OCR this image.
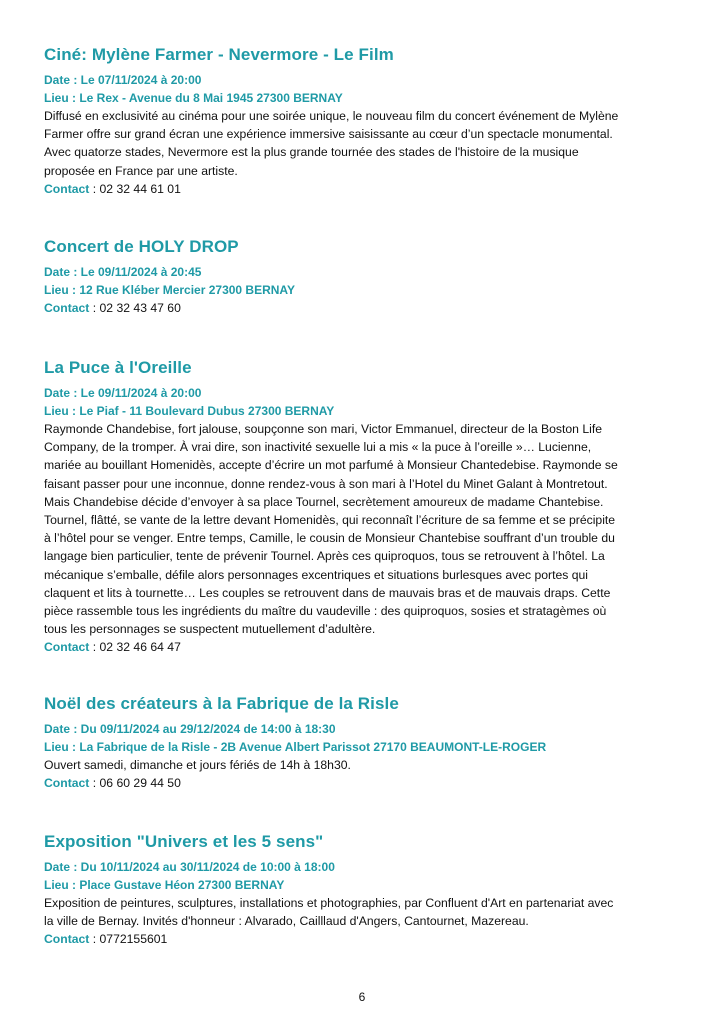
Ciné: Mylène Farmer - Nevermore - Le Film

Date : Le 07/11/2024 à 20:00

Lieu : Le Rex - Avenue du 8 Mai 1945 27300 BERNAY

Diffusé en exclusivité au cinéma pour une soirée unique, le nouveau film du concert événement de Mylène

Farmer offre sur grand écran une expérience immersive saisissante au cœur d’un spectacle monumental.

Avec quatorze stades, Nevermore est la plus grande tournée des stades de l'histoire de la musique

proposée en France par une artiste.

Contact : 02 32 44 61 01

Concert de HOLY DROP

Date : Le 09/11/2024 à 20:45

Lieu : 12 Rue Kléber Mercier 27300 BERNAY

Contact : 02 32 43 47 60

La Puce à l'Oreille

Date : Le 09/11/2024 à 20:00

Lieu : Le Piaf - 11 Boulevard Dubus 27300 BERNAY

Raymonde Chandebise, fort jalouse, soupçonne son mari, Victor Emmanuel, directeur de la Boston Life

Company, de la tromper. À vrai dire, son inactivité sexuelle lui a mis « la puce à l’oreille »… Lucienne,

mariée au bouillant Homenidès, accepte d’écrire un mot parfumé à Monsieur Chantedebise. Raymonde se

faisant passer pour une inconnue, donne rendez-vous à son mari à l’Hotel du Minet Galant à Montretout.

Mais Chandebise décide d’envoyer à sa place Tournel, secrètement amoureux de madame Chantebise.

Tournel, flâtté, se vante de la lettre devant Homenidès, qui reconnaît l’écriture de sa femme et se précipite

à l’hôtel pour se venger. Entre temps, Camille, le cousin de Monsieur Chantebise souffrant d’un trouble du

langage bien particulier, tente de prévenir Tournel. Après ces quiproquos, tous se retrouvent à l’hôtel. La

mécanique s’emballe, défile alors personnages excentriques et situations burlesques avec portes qui

claquent et lits à tournette… Les couples se retrouvent dans de mauvais bras et de mauvais draps. Cette

pièce rassemble tous les ingrédients du maître du vaudeville : des quiproquos, sosies et stratagèmes où

tous les personnages se suspectent mutuellement d’adultère.

Contact : 02 32 46 64 47

Noël des créateurs à la Fabrique de la Risle

Date : Du 09/11/2024 au 29/12/2024 de 14:00 à 18:30

Lieu : La Fabrique de la Risle - 2B Avenue Albert Parissot 27170 BEAUMONT-LE-ROGER

Ouvert samedi, dimanche et jours fériés de 14h à 18h30.

Contact : 06 60 29 44 50

Exposition "Univers et les 5 sens"

Date : Du 10/11/2024 au 30/11/2024 de 10:00 à 18:00

Lieu : Place Gustave Héon 27300 BERNAY

Exposition de peintures, sculptures, installations et photographies, par Confluent d'Art en partenariat avec

la ville de Bernay. Invités d'honneur : Alvarado, Cailllaud d'Angers, Cantournet, Mazereau.

Contact : 0772155601

6
